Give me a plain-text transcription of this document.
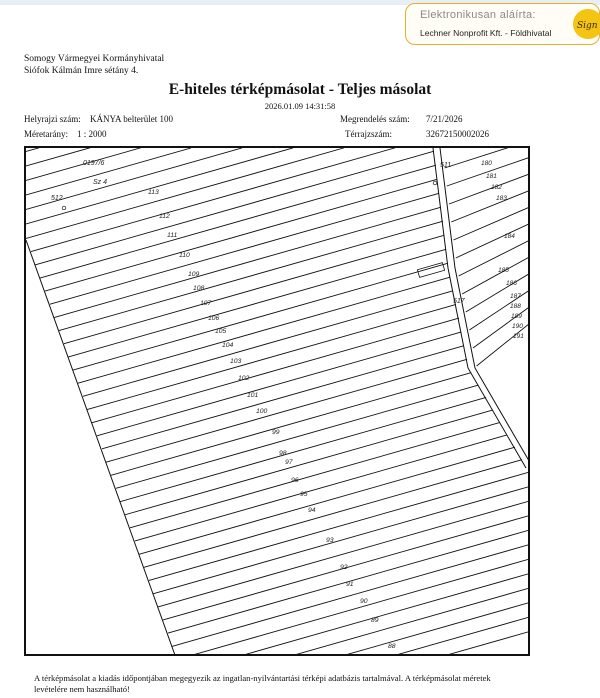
Elektronikusan aláírta:
Lechner Nonprofit Kft. - Földhivatal
Sign
Somogy Vármegyei Kormányhivatal
Siófok Kálmán Imre sétány 4.
E-hiteles térképmásolat - Teljes másolat
2026.01.09 14:31:58
Helyrajzi szám: KÁNYA belterület 100
Méretarány: 1 : 2000
Megrendelés szám: 7/21/2026
Térrajzszám:	32672150002026
0197/6
Sz 4
512
511
517
113
112
111
110
109
108
107
106
105
104
103
102
101
100
99
98
97
96
95
94
93
92
91
90
89
88
180
181
182
183
184
185
186
187
188
189
190
191
A térképmásolat a kiadás időpontjában megegyezik az ingatlan-nyilvántartási térképi adatbázis tartalmával. A térképmásolat méretek levételére nem használható!
